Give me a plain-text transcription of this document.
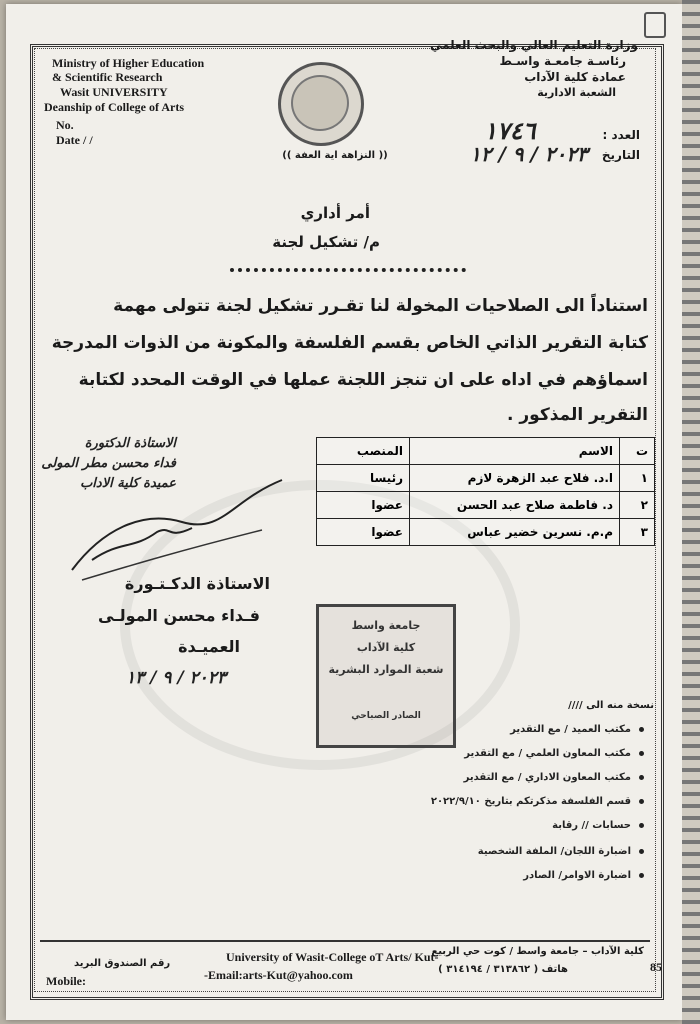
Ministry of Higher Education
& Scientific Research
Wasit UNIVERSITY
Deanship of College of Arts
No.
Date / /
(( النزاهة اية العفة ))
وزارة التعليم العالي والبحث العلمي
رئاسـة جامعـة واسـط
عمادة كلية الآداب
الشعبة الادارية
العدد :
١٧٤٦
التاريخ
٢٠٢٣ / ٩ / ١٢
أمر أداري
م/ تشكيل لجنة
استناداً الى الصلاحيات المخولة لنا تقـرر تشكيل لجنة تتولى مهمة
كتابة التقرير الذاتي الخاص بقسم الفلسفة والمكونة من الذوات المدرجة
اسماؤهم في اداه على ان تنجز اللجنة عملها في الوقت المحدد لكتابة
التقرير المذكور .
الاستاذة الدكتورة
فداء محسن مطر المولى
عميدة كلية الاداب
ت	الاسم	المنصب
١	ا.د. فلاح عبد الزهرة لازم	رئيسا
٢	د. فاطمة صلاح عبد الحسن	عضوا
٣	م.م. نسرين خضير عباس	عضوا
الاستاذة الدكـتـورة
فـداء محسن المولـى
العميـدة
٢٠٢٣ / ٩ / ١٣
جامعة واسط
كلية الآداب
شعبة الموارد البشرية
الصادر الصباحي
نسخة منه الى ////
مكتب العميد / مع التقدير
مكتب المعاون العلمي / مع التقدير
مكتب المعاون الاداري / مع التقدير
قسم الفلسفة مذكرتكم بتاريخ ٢٠٢٢/٩/١٠
حسابات // رقابة
اضبارة اللجان/ الملفة الشخصية
اضبارة الاوامر/ الصادر
University of Wasit-College oT Arts/ Kut-
-Email:arts-Kut@yahoo.com
كلية الآداب – جامعة واسط / كوت حي الربيع
هاتف ( ٣١٣٨٦٢ / ٣١٤١٩٤ )
رقم الصندوق البريد
Mobile:
85
